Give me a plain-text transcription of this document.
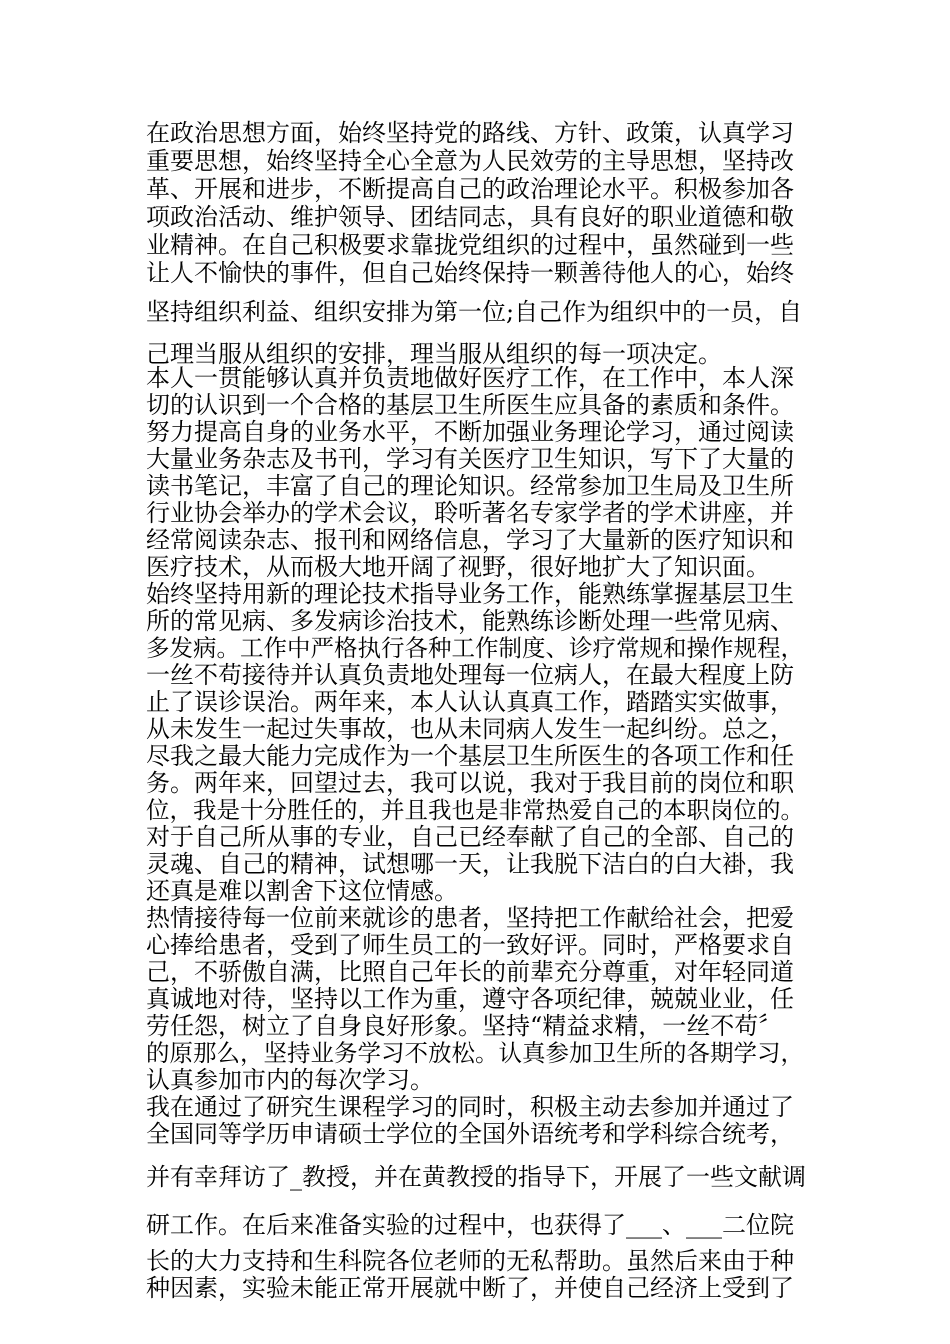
在政治思想方面，始终坚持党的路线、方针、政策，认真学习

重要思想，始终坚持全心全意为人民效劳的主导思想，坚持改

革、开展和进步，不断提高自己的政治理论水平。积极参加各

项政治活动、维护领导、团结同志，具有良好的职业道德和敬

业精神。在自己积极要求靠拢党组织的过程中，虽然碰到一些

让人不愉快的事件，但自己始终保持一颗善待他人的心，始终

坚持组织利益、组织安排为第一位;自己作为组织中的一员，自

己理当服从组织的安排，理当服从组织的每一项决定。

本人一贯能够认真并负责地做好医疗工作，在工作中，本人深

切的认识到一个合格的基层卫生所医生应具备的素质和条件。

努力提高自身的业务水平，不断加强业务理论学习，通过阅读

大量业务杂志及书刊，学习有关医疗卫生知识，写下了大量的

读书笔记，丰富了自己的理论知识。经常参加卫生局及卫生所

行业协会举办的学术会议，聆听著名专家学者的学术讲座，并

经常阅读杂志、报刊和网络信息，学习了大量新的医疗知识和

医疗技术，从而极大地开阔了视野，很好地扩大了知识面。

始终坚持用新的理论技术指导业务工作，能熟练掌握基层卫生

所的常见病、多发病诊治技术，能熟练诊断处理一些常见病、

多发病。工作中严格执行各种工作制度、诊疗常规和操作规程，

一丝不苟接待并认真负责地处理每一位病人，在最大程度上防

止了误诊误治。两年来，本人认认真真工作，踏踏实实做事，

从未发生一起过失事故，也从未同病人发生一起纠纷。总之，

尽我之最大能力完成作为一个基层卫生所医生的各项工作和任

务。两年来，回望过去，我可以说，我对于我目前的岗位和职

位，我是十分胜任的，并且我也是非常热爱自己的本职岗位的。

对于自己所从事的专业，自己已经奉献了自己的全部、自己的

灵魂、自己的精神，试想哪一天，让我脱下洁白的白大褂，我

还真是难以割舍下这位情感。

热情接待每一位前来就诊的患者，坚持把工作献给社会，把爱

心捧给患者，受到了师生员工的一致好评。同时，严格要求自

己，不骄傲自满，比照自己年长的前辈充分尊重，对年轻同道

真诚地对待，坚持以工作为重，遵守各项纪律，兢兢业业，任

劳任怨，树立了自身良好形象。坚持“精益求精，一丝不苟〞

的原那么，坚持业务学习不放松。认真参加卫生所的各期学习，

认真参加市内的每次学习。

我在通过了研究生课程学习的同时，积极主动去参加并通过了

全国同等学历申请硕士学位的全国外语统考和学科综合统考，

并有幸拜访了_教授，并在黄教授的指导下，开展了一些文献调

研工作。在后来准备实验的过程中，也获得了___、___二位院

长的大力支持和生科院各位老师的无私帮助。虽然后来由于种

种因素，实验未能正常开展就中断了，并使自己经济上受到了
